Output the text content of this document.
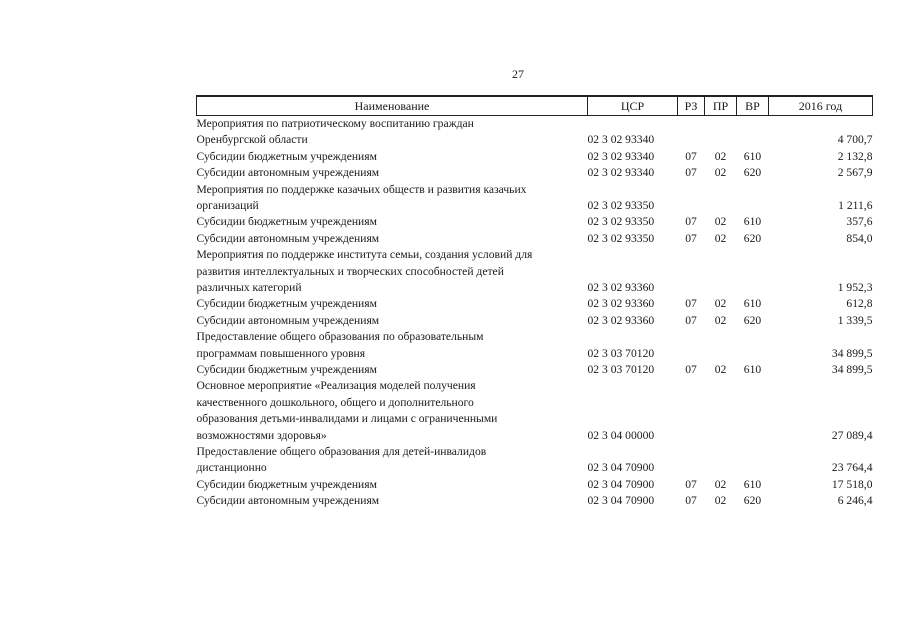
27
Наименование	ЦСР	РЗ	ПР	ВР	2016 год

Мероприятия по патриотическому воспитанию граждан
Оренбургской области	02 3 02 93340				4 700,7

Субсидии бюджетным учреждениям	02 3 02 93340	07	02	610	2 132,8

Субсидии автономным учреждениям	02 3 02 93340	07	02	620	2 567,9

Мероприятия по поддержке казачьих обществ и развития казачьих
организаций	02 3 02 93350				1 211,6

Субсидии бюджетным учреждениям	02 3 02 93350	07	02	610	357,6

Субсидии автономным учреждениям	02 3 02 93350	07	02	620	854,0

Мероприятия по поддержке института семьи, создания условий для
развития интеллектуальных и творческих способностей детей
различных категорий	02 3 02 93360				1 952,3

Субсидии бюджетным учреждениям	02 3 02 93360	07	02	610	612,8

Субсидии автономным учреждениям	02 3 02 93360	07	02	620	1 339,5

Предоставление общего образования по образовательным
программам повышенного уровня	02 3 03 70120				34 899,5

Субсидии бюджетным учреждениям	02 3 03 70120	07	02	610	34 899,5

Основное мероприятие «Реализация моделей получения
качественного дошкольного, общего и дополнительного
образования детьми-инвалидами и лицами с ограниченными
возможностями здоровья»	02 3 04 00000				27 089,4

Предоставление общего образования для детей-инвалидов
дистанционно	02 3 04 70900				23 764,4

Субсидии бюджетным учреждениям	02 3 04 70900	07	02	610	17 518,0

Субсидии автономным учреждениям	02 3 04 70900	07	02	620	6 246,4
